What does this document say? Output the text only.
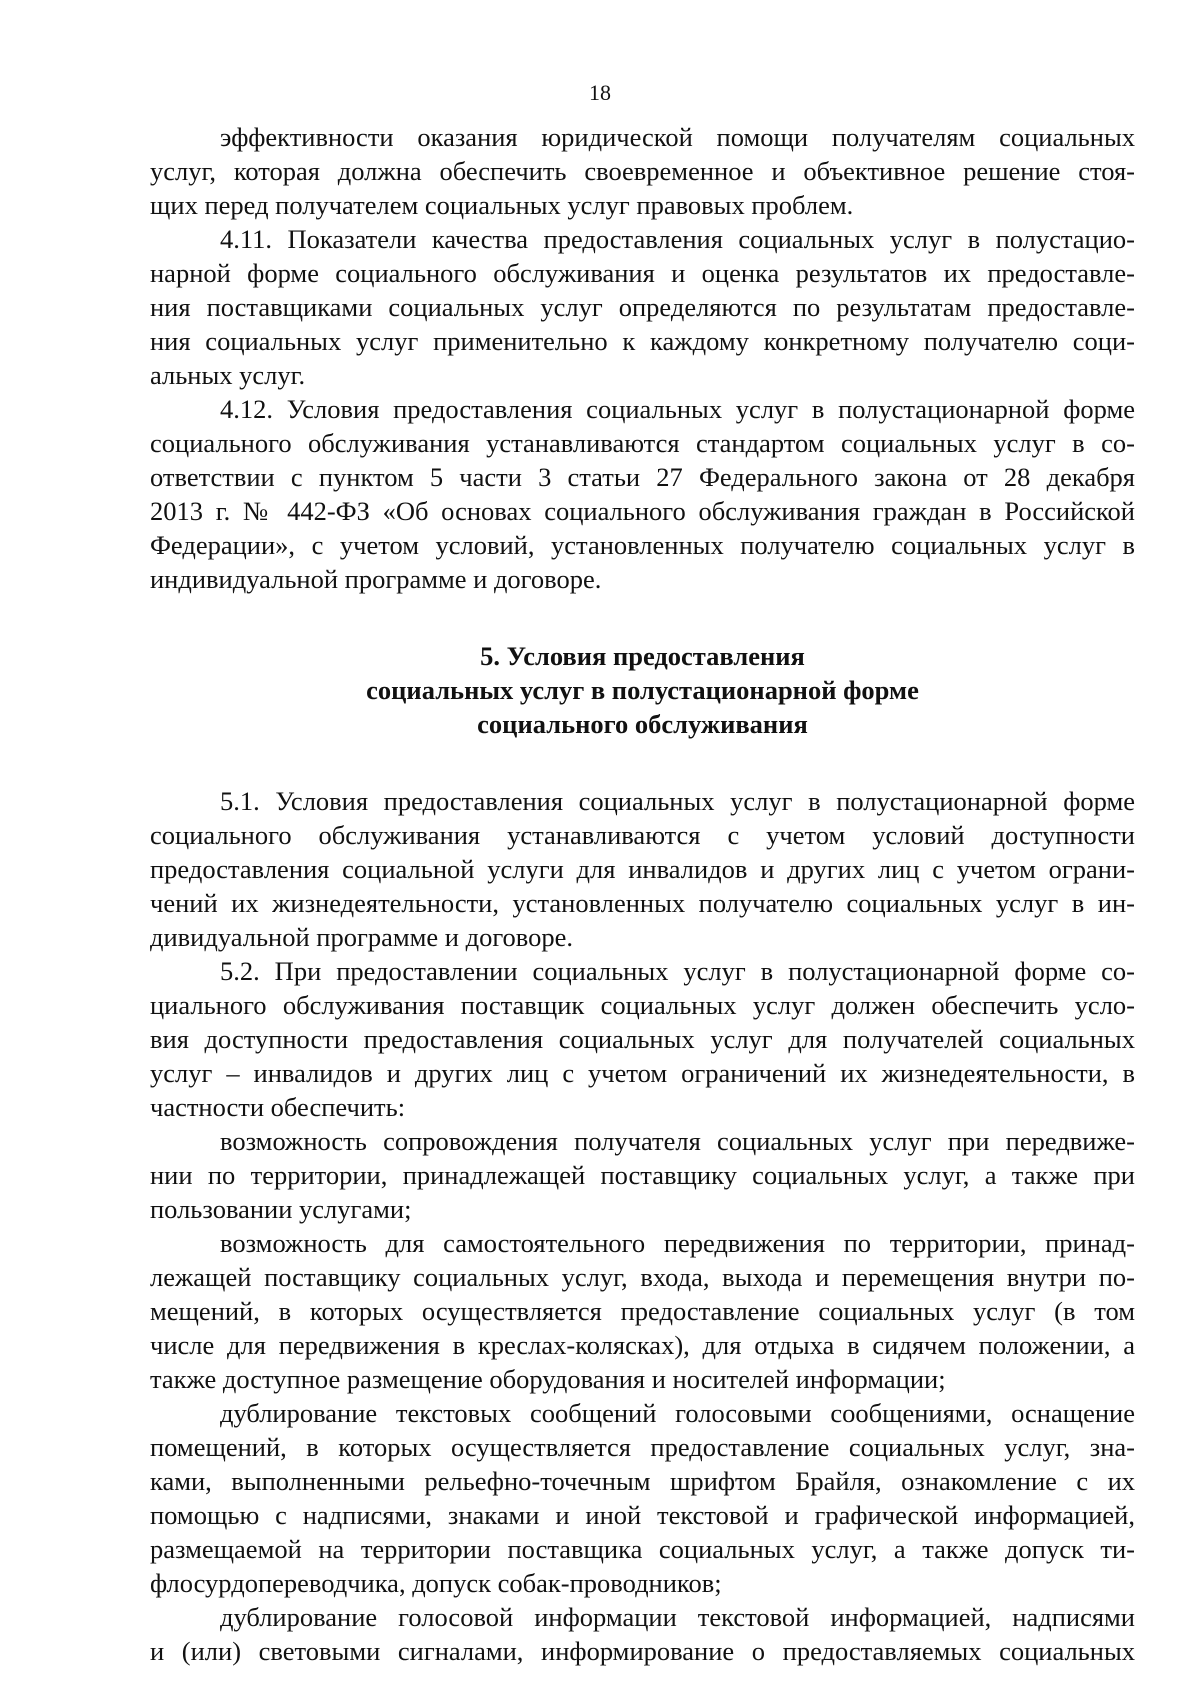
18
эффективности оказания юридической помощи получателям социальных
услуг, которая должна обеспечить своевременное и объективное решение стоя-
щих перед получателем социальных услуг правовых проблем.
4.11. Показатели качества предоставления социальных услуг в полустацио-
нарной форме социального обслуживания и оценка результатов их предоставле-
ния поставщиками социальных услуг определяются по результатам предоставле-
ния социальных услуг применительно к каждому конкретному получателю соци-
альных услуг.
4.12. Условия предоставления социальных услуг в полустационарной форме
социального обслуживания устанавливаются стандартом социальных услуг в со-
ответствии с пунктом 5 части 3 статьи 27 Федерального закона от 28 декабря
2013 г. № 442-ФЗ «Об основах социального обслуживания граждан в Российской
Федерации», с учетом условий, установленных получателю социальных услуг в
индивидуальной программе и договоре.
5. Условия предоставления
социальных услуг в полустационарной форме
социального обслуживания
5.1. Условия предоставления социальных услуг в полустационарной форме
социального обслуживания устанавливаются с учетом условий доступности
предоставления социальной услуги для инвалидов и других лиц с учетом ограни-
чений их жизнедеятельности, установленных получателю социальных услуг в ин-
дивидуальной программе и договоре.
5.2. При предоставлении социальных услуг в полустационарной форме со-
циального обслуживания поставщик социальных услуг должен обеспечить усло-
вия доступности предоставления социальных услуг для получателей социальных
услуг – инвалидов и других лиц с учетом ограничений их жизнедеятельности, в
частности обеспечить:
возможность сопровождения получателя социальных услуг при передвиже-
нии по территории, принадлежащей поставщику социальных услуг, а также при
пользовании услугами;
возможность для самостоятельного передвижения по территории, принад-
лежащей поставщику социальных услуг, входа, выхода и перемещения внутри по-
мещений, в которых осуществляется предоставление социальных услуг (в том
числе для передвижения в креслах-колясках), для отдыха в сидячем положении, а
также доступное размещение оборудования и носителей информации;
дублирование текстовых сообщений голосовыми сообщениями, оснащение
помещений, в которых осуществляется предоставление социальных услуг, зна-
ками, выполненными рельефно-точечным шрифтом Брайля, ознакомление с их
помощью с надписями, знаками и иной текстовой и графической информацией,
размещаемой на территории поставщика социальных услуг, а также допуск ти-
флосурдопереводчика, допуск собак-проводников;
дублирование голосовой информации текстовой информацией, надписями
и (или) световыми сигналами, информирование о предоставляемых социальных
